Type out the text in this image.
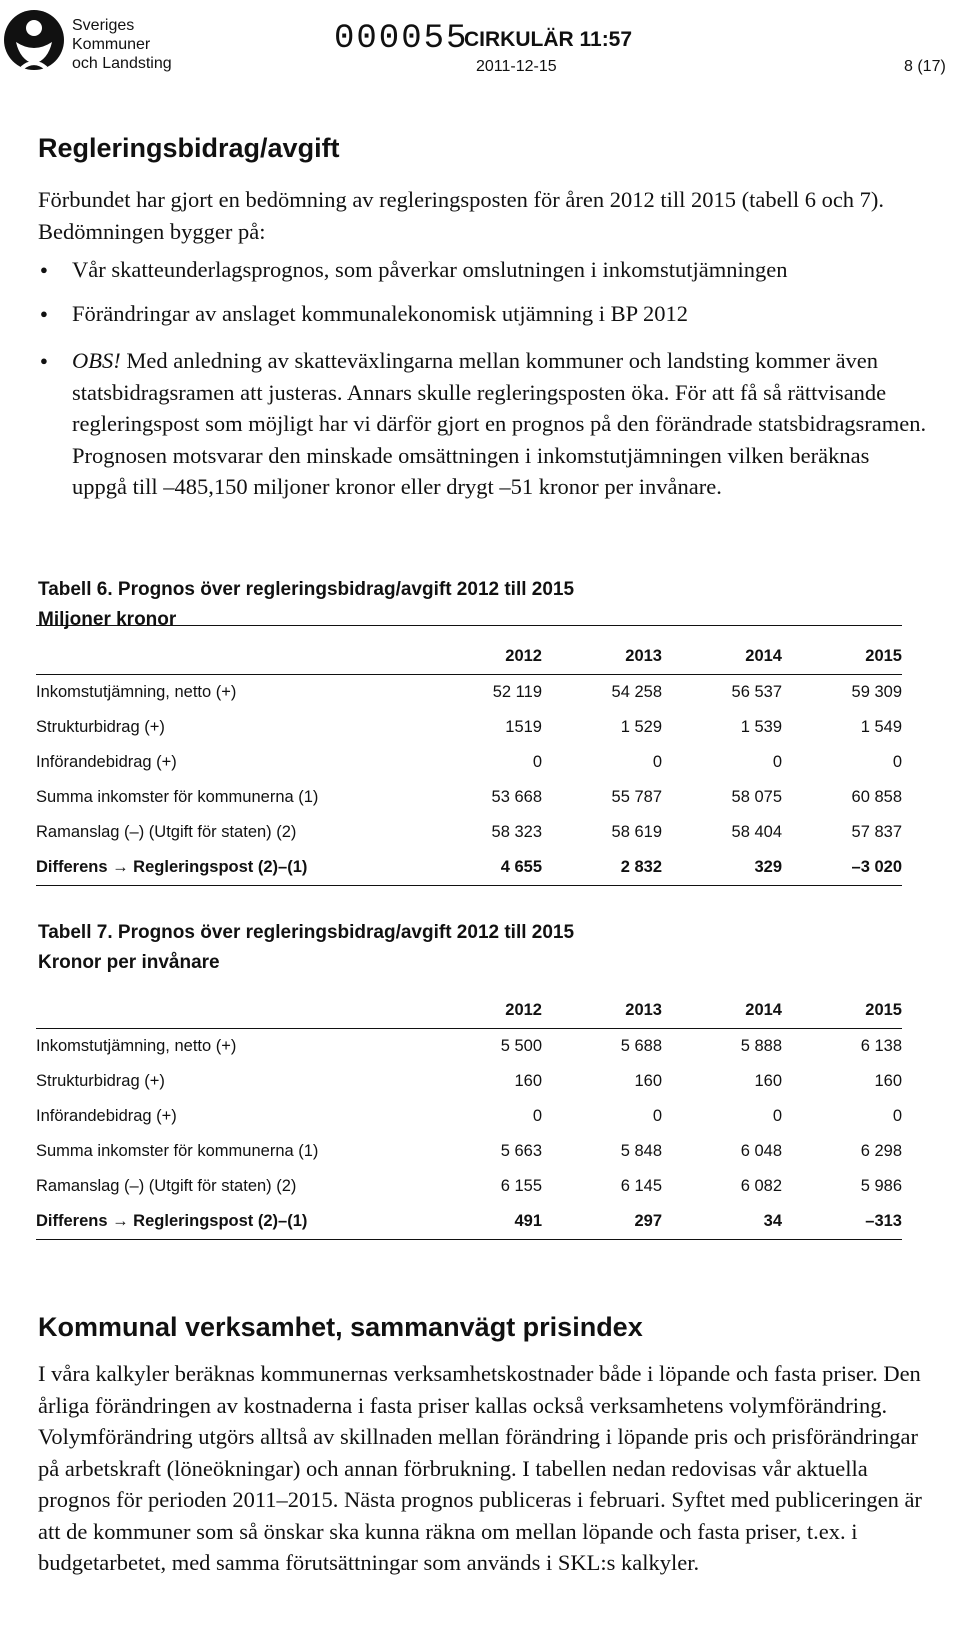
Sveriges
Kommuner
och Landsting
000055
CIRKULÄR 11:57
2011-12-15	8 (17)
Regleringsbidrag/avgift

Förbundet har gjort en bedömning av regleringsposten för åren 2012 till 2015 (tabell 6 och 7). Bedömningen bygger på:

● Vår skatteunderlagsprognos, som påverkar omslutningen i inkomstutjämningen
● Förändringar av anslaget kommunalekonomisk utjämning i BP 2012
● OBS! Med anledning av skatteväxlingarna mellan kommuner och landsting kommer även statsbidragsramen att justeras. Annars skulle regleringsposten öka. För att få så rättvisande regleringspost som möjligt har vi därför gjort en prognos på den förändrade statsbidragsramen. Prognosen motsvarar den minskade omsättningen i inkomstutjämningen vilken beräknas uppgå till –485,150 miljoner kronor eller drygt –51 kronor per invånare.
Tabell 6. Prognos över regleringsbidrag/avgift 2012 till 2015
Miljoner kronor
	2012		2013		2014		2015
Inkomstutjämning, netto (+)	52 119		54 258		56 537		59 309
Strukturbidrag (+)	1519		1 529		1 539		1 549
Införandebidrag (+)	0		0		0		0
Summa inkomster för kommunerna (1)	53 668		55 787		58 075		60 858
Ramanslag (–) (Utgift för staten) (2)	58 323		58 619		58 404		57 837
Differens → Regleringspost (2)–(1)	4 655		2 832		329		–3 020
Tabell 7. Prognos över regleringsbidrag/avgift 2012 till 2015
Kronor per invånare
	2012		2013		2014		2015
Inkomstutjämning, netto (+)	5 500		5 688		5 888		6 138
Strukturbidrag (+)	160		160		160		160
Införandebidrag (+)	0		0		0		0
Summa inkomster för kommunerna (1)	5 663		5 848		6 048		6 298
Ramanslag (–) (Utgift för staten) (2)	6 155		6 145		6 082		5 986
Differens → Regleringspost (2)–(1)	491		297		34		–313
Kommunal verksamhet, sammanvägt prisindex

I våra kalkyler beräknas kommunernas verksamhetskostnader både i löpande och fasta priser. Den årliga förändringen av kostnaderna i fasta priser kallas också verksamhetens volymförändring. Volymförändring utgörs alltså av skillnaden mellan förändring i löpande pris och prisförändringar på arbetskraft (löneökningar) och annan förbrukning. I tabellen nedan redovisas vår aktuella prognos för perioden 2011–2015. Nästa prognos publiceras i februari. Syftet med publiceringen är att de kommuner som så önskar ska kunna räkna om mellan löpande och fasta priser, t.ex. i budgetarbetet, med samma förutsättningar som används i SKL:s kalkyler.
